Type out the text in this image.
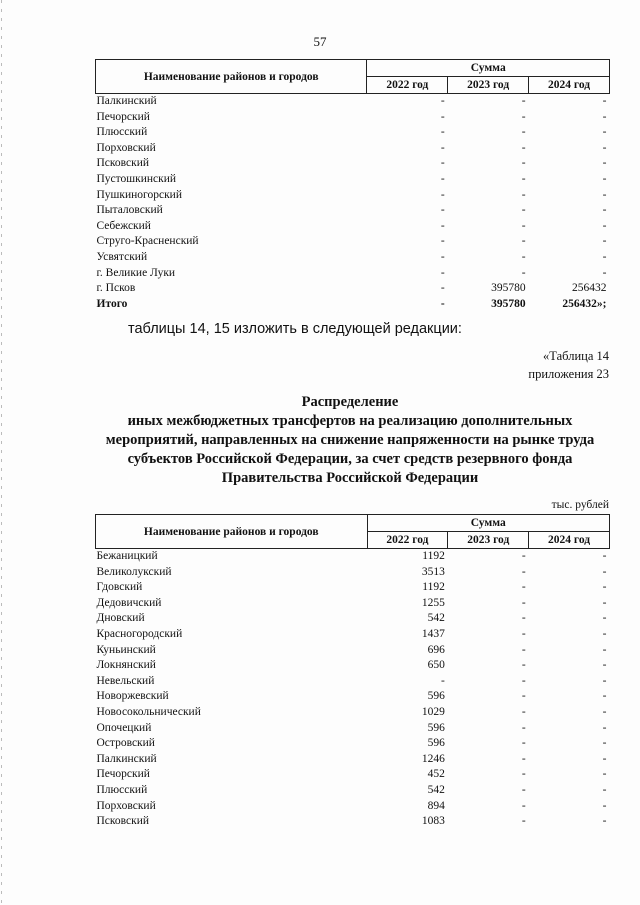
57
Наименование районов и городов	Сумма		
	2022 год	2023 год	2024 год
Палкинский	-	-	-
Печорский	-	-	-
Плюсский	-	-	-
Порховский	-	-	-
Псковский	-	-	-
Пустошкинский	-	-	-
Пушкиногорский	-	-	-
Пыталовский	-	-	-
Себежский	-	-	-
Струго-Красненский	-	-	-
Усвятский	-	-	-
г. Великие Луки	-	-	-
г. Псков	-	395780	256432
Итого	-	395780	256432»;
таблицы 14, 15 изложить в следующей редакции:
«Таблица 14
приложения 23
Распределение
иных межбюджетных трансфертов на реализацию дополнительных
мероприятий, направленных на снижение напряженности на рынке труда
субъектов Российской Федерации, за счет средств резервного фонда
Правительства Российской Федерации
тыс. рублей
Наименование районов и городов	Сумма		
	2022 год	2023 год	2024 год
Бежаницкий	1192	-	-
Великолукский	3513	-	-
Гдовский	1192	-	-
Дедовичский	1255	-	-
Дновский	542	-	-
Красногородский	1437	-	-
Куньинский	696	-	-
Локнянский	650	-	-
Невельский	-	-	-
Новоржевский	596	-	-
Новосокольнический	1029	-	-
Опочецкий	596	-	-
Островский	596	-	-
Палкинский	1246	-	-
Печорский	452	-	-
Плюсский	542	-	-
Порховский	894	-	-
Псковский	1083	-	-
